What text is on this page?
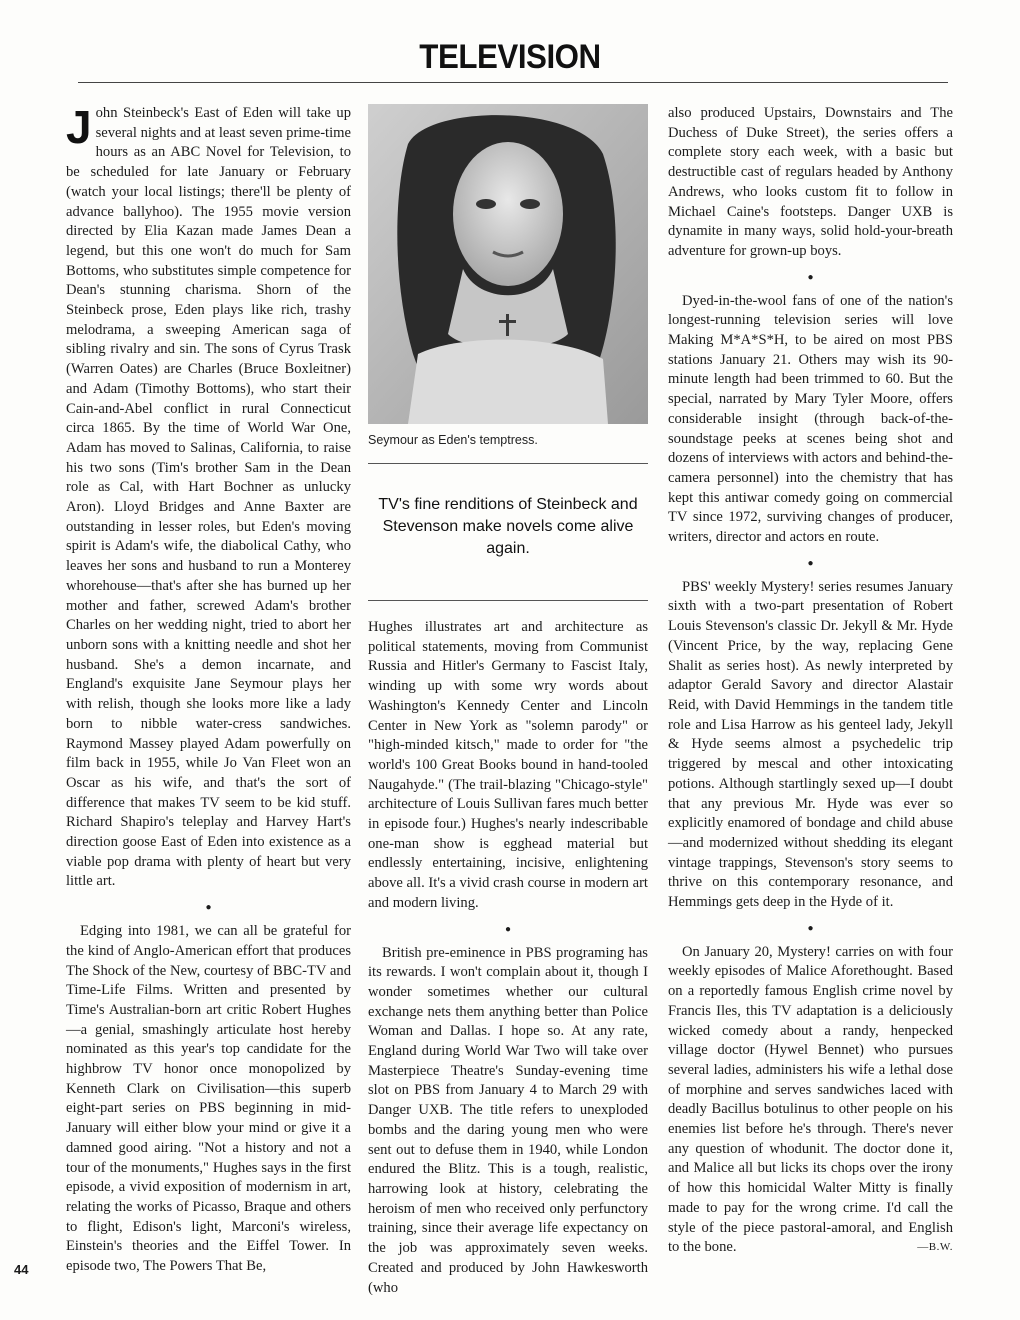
TELEVISION

John Steinbeck's East of Eden will take up several nights and at least seven prime-time hours as an ABC Novel for Television, to be scheduled for late January or February (watch your local listings; there'll be plenty of advance ballyhoo). The 1955 movie version directed by Elia Kazan made James Dean a legend, but this one won't do much for Sam Bottoms, who substitutes simple competence for Dean's stunning charisma. Shorn of the Steinbeck prose, Eden plays like rich, trashy melodrama, a sweeping American saga of sibling rivalry and sin. The sons of Cyrus Trask (Warren Oates) are Charles (Bruce Boxleitner) and Adam (Timothy Bottoms), who start their Cain-and-Abel conflict in rural Connecticut circa 1865. By the time of World War One, Adam has moved to Salinas, California, to raise his two sons (Tim's brother Sam in the Dean role as Cal, with Hart Bochner as unlucky Aron). Lloyd Bridges and Anne Baxter are outstanding in lesser roles, but Eden's moving spirit is Adam's wife, the diabolical Cathy, who leaves her sons and husband to run a Monterey whorehouse—that's after she has burned up her mother and father, screwed Adam's brother Charles on her wedding night, tried to abort her unborn sons with a knitting needle and shot her husband. She's a demon incarnate, and England's exquisite Jane Seymour plays her with relish, though she looks more like a lady born to nibble water-cress sandwiches. Raymond Massey played Adam powerfully on film back in 1955, while Jo Van Fleet won an Oscar as his wife, and that's the sort of difference that makes TV seem to be kid stuff. Richard Shapiro's teleplay and Harvey Hart's direction goose East of Eden into existence as a viable pop drama with plenty of heart but very little art.

●

Edging into 1981, we can all be grateful for the kind of Anglo-American effort that produces The Shock of the New, courtesy of BBC-TV and Time-Life Films. Written and presented by Time's Australian-born art critic Robert Hughes—a genial, smashingly articulate host hereby nominated as this year's top candidate for the highbrow TV honor once monopolized by Kenneth Clark on Civilisation—this superb eight-part series on PBS beginning in mid-January will either blow your mind or give it a damned good airing. "Not a history and not a tour of the monuments," Hughes says in the first episode, a vivid exposition of modernism in art, relating the works of Picasso, Braque and others to flight, Edison's light, Marconi's wireless, Einstein's theories and the Eiffel Tower. In episode two, The Powers That Be,

Seymour as Eden's temptress.
TV's fine renditions of Steinbeck and Stevenson make novels come alive again.

Hughes illustrates art and architecture as political statements, moving from Communist Russia and Hitler's Germany to Fascist Italy, winding up with some wry words about Washington's Kennedy Center and Lincoln Center in New York as "solemn parody" or "high-minded kitsch," made to order for "the world's 100 Great Books bound in hand-tooled Naugahyde." (The trail-blazing "Chicago-style" architecture of Louis Sullivan fares much better in episode four.) Hughes's nearly indescribable one-man show is egghead material but endlessly entertaining, incisive, enlightening above all. It's a vivid crash course in modern art and modern living.

●

British pre-eminence in PBS programing has its rewards. I won't complain about it, though I wonder sometimes whether our cultural exchange nets them anything better than Police Woman and Dallas. I hope so. At any rate, England during World War Two will take over Masterpiece Theatre's Sunday-evening time slot on PBS from January 4 to March 29 with Danger UXB. The title refers to unexploded bombs and the daring young men who were sent out to defuse them in 1940, while London endured the Blitz. This is a tough, realistic, harrowing look at history, celebrating the heroism of men who received only perfunctory training, since their average life expectancy on the job was approximately seven weeks. Created and produced by John Hawkesworth (who

also produced Upstairs, Downstairs and The Duchess of Duke Street), the series offers a complete story each week, with a basic but destructible cast of regulars headed by Anthony Andrews, who looks custom fit to follow in Michael Caine's footsteps. Danger UXB is dynamite in many ways, solid hold-your-breath adventure for grown-up boys.

●

Dyed-in-the-wool fans of one of the nation's longest-running television series will love Making M*A*S*H, to be aired on most PBS stations January 21. Others may wish its 90-minute length had been trimmed to 60. But the special, narrated by Mary Tyler Moore, offers considerable insight (through back-of-the-soundstage peeks at scenes being shot and dozens of interviews with actors and behind-the-camera personnel) into the chemistry that has kept this antiwar comedy going on commercial TV since 1972, surviving changes of producer, writers, director and actors en route.

●

PBS' weekly Mystery! series resumes January sixth with a two-part presentation of Robert Louis Stevenson's classic Dr. Jekyll & Mr. Hyde (Vincent Price, by the way, replacing Gene Shalit as series host). As newly interpreted by adaptor Gerald Savory and director Alastair Reid, with David Hemmings in the tandem title role and Lisa Harrow as his genteel lady, Jekyll & Hyde seems almost a psychedelic trip triggered by mescal and other intoxicating potions. Although startlingly sexed up—I doubt that any previous Mr. Hyde was ever so explicitly enamored of bondage and child abuse—and modernized without shedding its elegant vintage trappings, Stevenson's story seems to thrive on this contemporary resonance, and Hemmings gets deep in the Hyde of it.

●

On January 20, Mystery! carries on with four weekly episodes of Malice Aforethought. Based on a reportedly famous English crime novel by Francis Iles, this TV adaptation is a deliciously wicked comedy about a randy, henpecked village doctor (Hywel Bennet) who pursues several ladies, administers his wife a lethal dose of morphine and serves sandwiches laced with deadly Bacillus botulinus to other people on his enemies list before he's through. There's never any question of whodunit. The doctor done it, and Malice all but licks its chops over the irony of how this homicidal Walter Mitty is finally made to pay for the wrong crime. I'd call the style of the piece pastoral-amoral, and English to the bone.	—B.W.

44
